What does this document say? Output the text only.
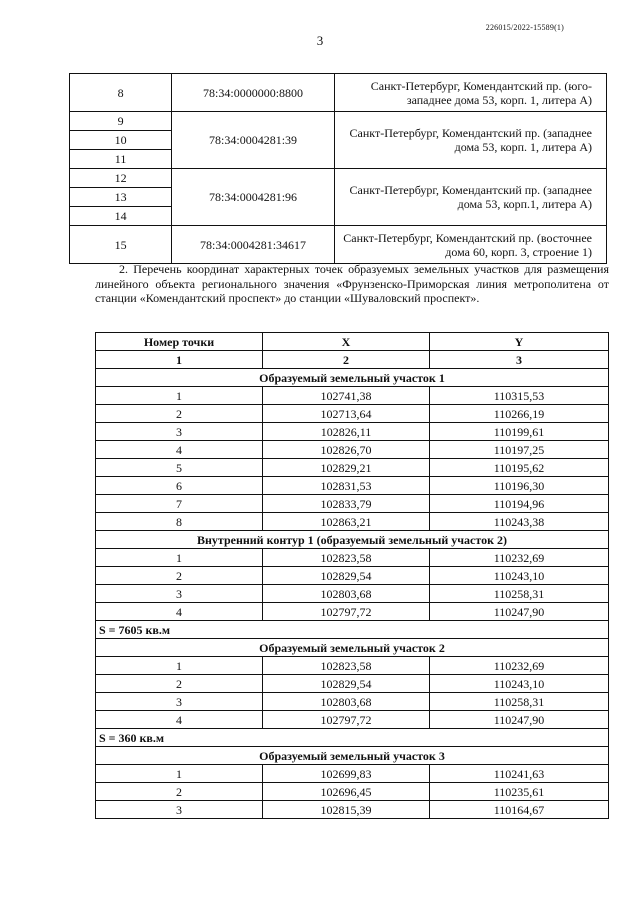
226015/2022-15589(1)
3
8	78:34:0000000:8800	Санкт-Петербург, Комендантский пр. (юго-западнее дома 53, корп. 1, литера А)
9	78:34:0004281:39	Санкт-Петербург, Комендантский пр. (западнее дома 53, корп. 1, литера А)
10		
11		
12	78:34:0004281:96	Санкт-Петербург, Комендантский пр. (западнее дома 53, корп.1, литера А)
13		
14		
15	78:34:0004281:34617	Санкт-Петербург, Комендантский пр. (восточнее дома 60, корп. 3, строение 1)
2. Перечень координат характерных точек образуемых земельных участков для размещения линейного объекта регионального значения «Фрунзенско-Приморская линия метрополитена от станции «Комендантский проспект» до станции «Шуваловский проспект».
Номер точки	X	Y
1	2	3
Образуемый земельный участок 1		
1	102741,38	110315,53
2	102713,64	110266,19
3	102826,11	110199,61
4	102826,70	110197,25
5	102829,21	110195,62
6	102831,53	110196,30
7	102833,79	110194,96
8	102863,21	110243,38
Внутренний контур 1 (образуемый земельный участок 2)		
1	102823,58	110232,69
2	102829,54	110243,10
3	102803,68	110258,31
4	102797,72	110247,90
S = 7605 кв.м		
Образуемый земельный участок 2		
1	102823,58	110232,69
2	102829,54	110243,10
3	102803,68	110258,31
4	102797,72	110247,90
S = 360 кв.м		
Образуемый земельный участок 3		
1	102699,83	110241,63
2	102696,45	110235,61
3	102815,39	110164,67
